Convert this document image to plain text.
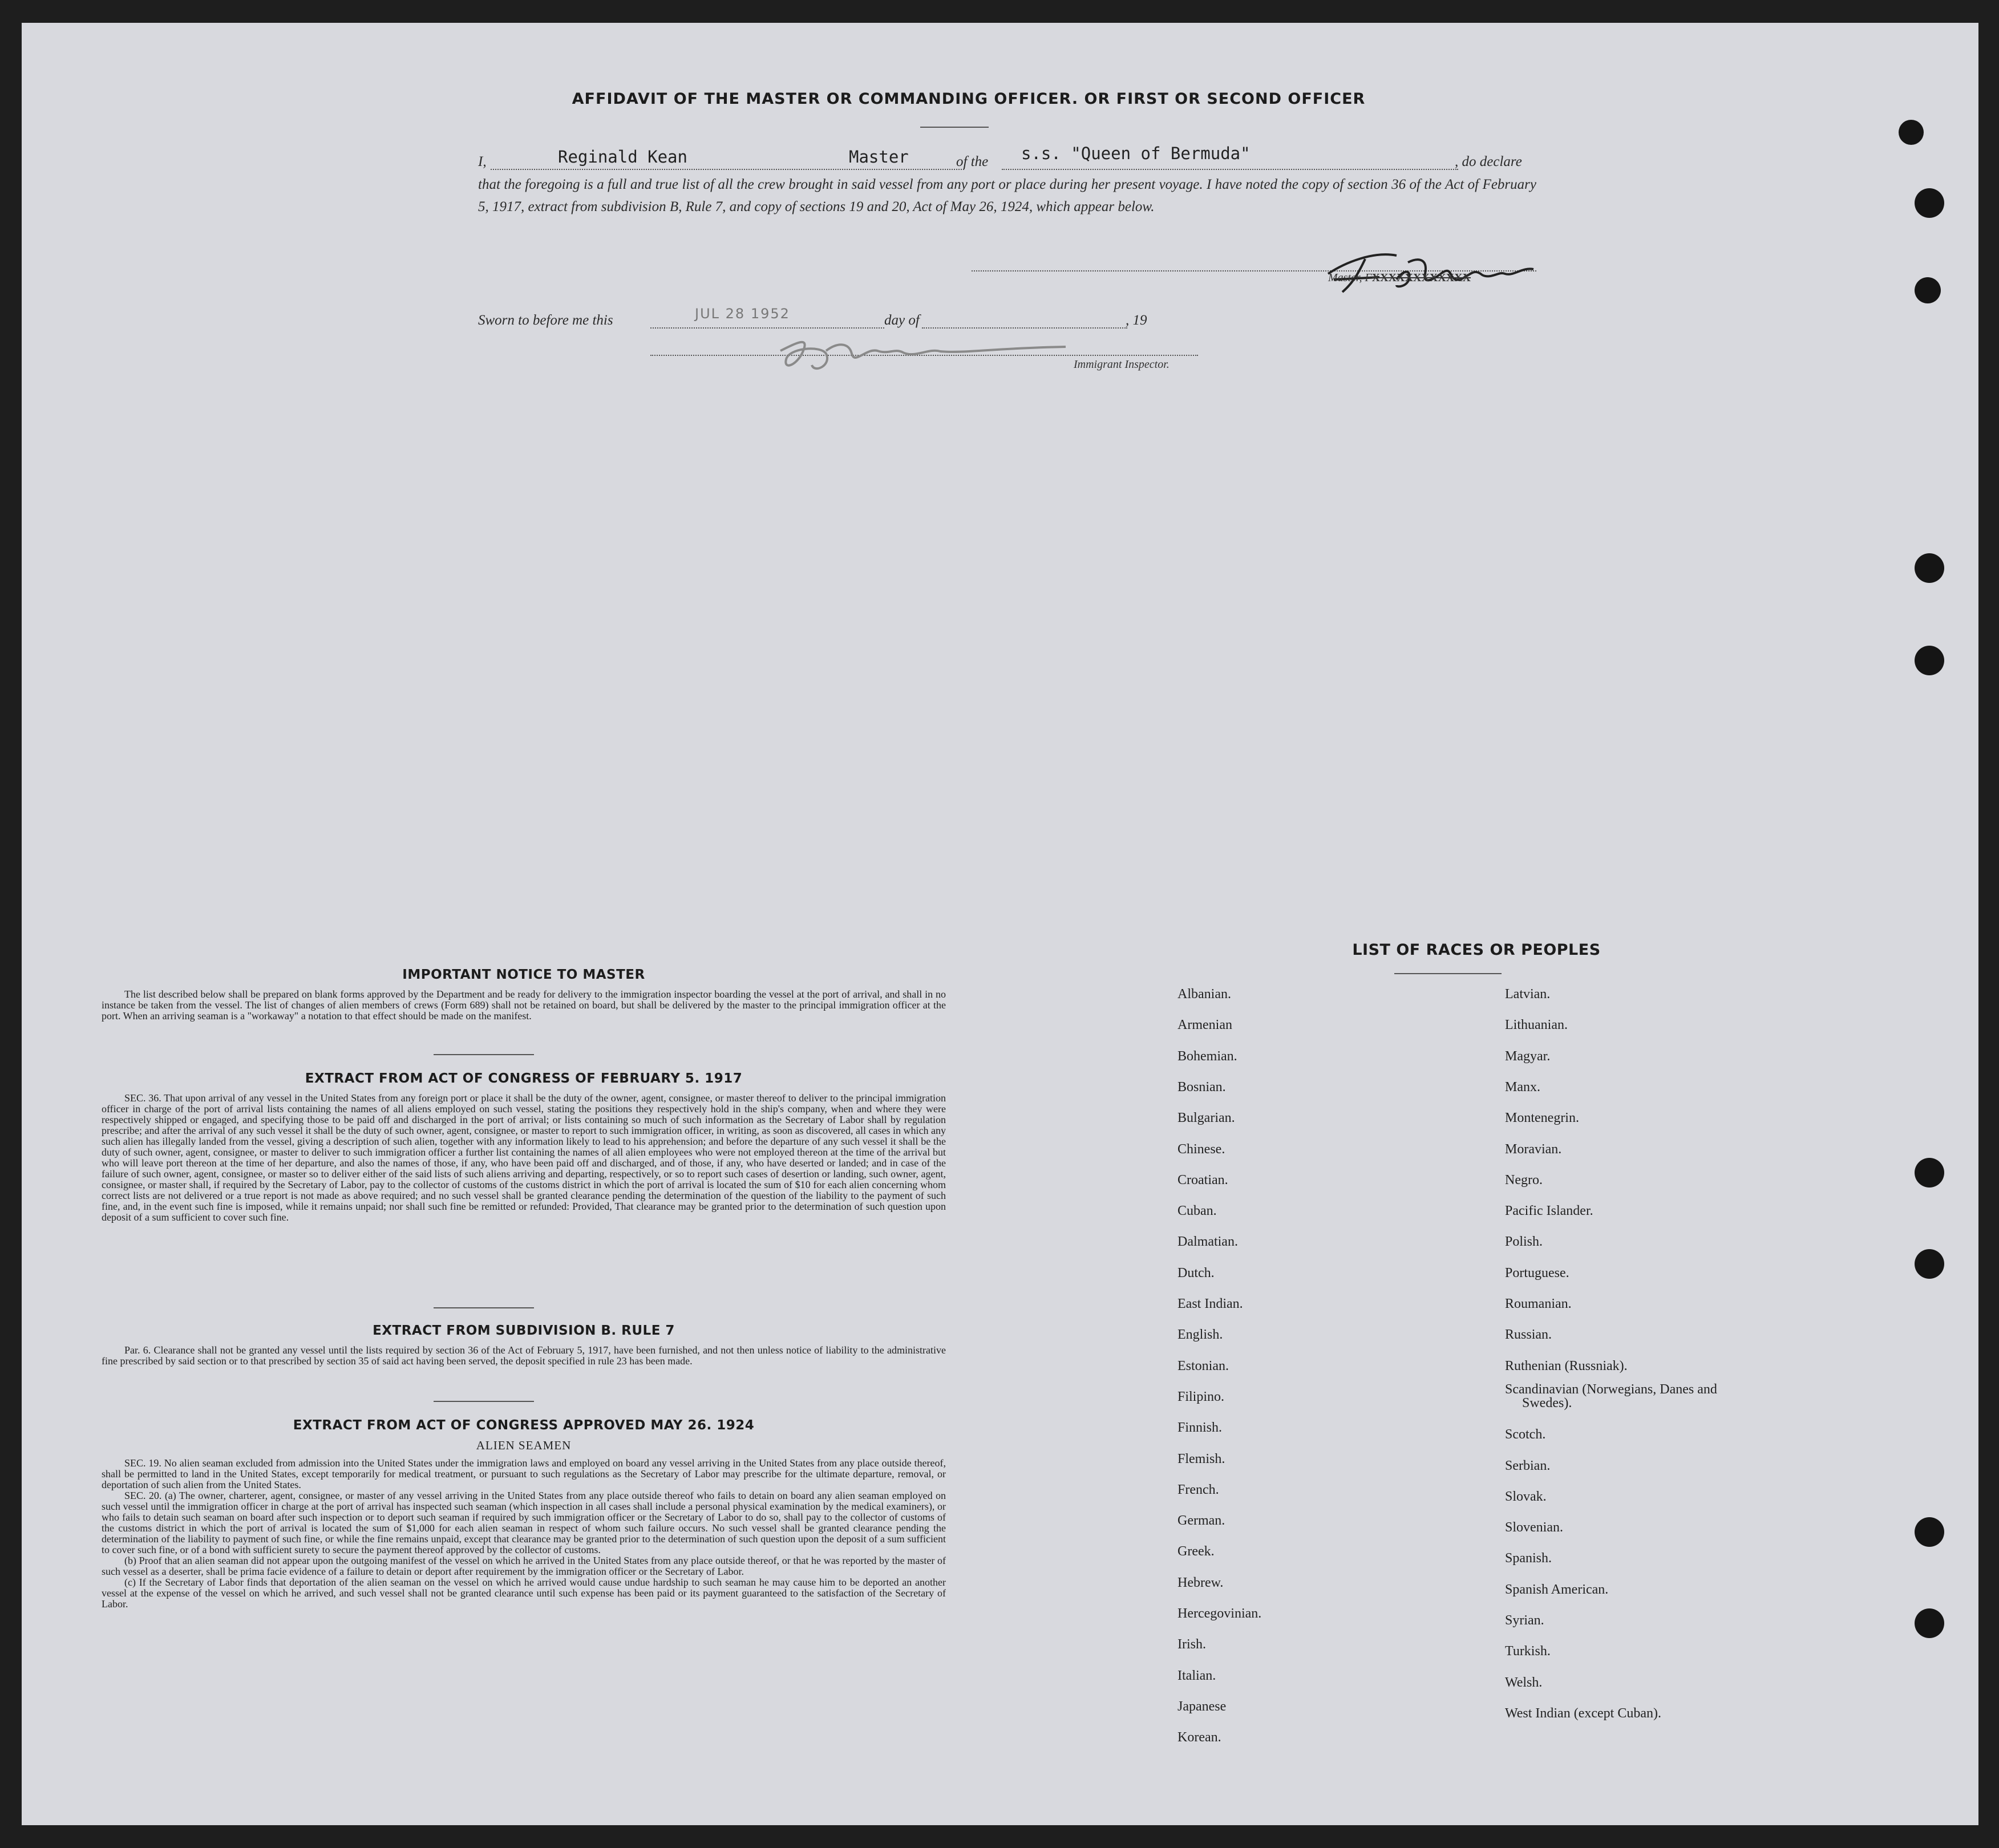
AFFIDAVIT OF THE MASTER OR COMMANDING OFFICER. OR FIRST OR SECOND OFFICER
I,	Reginald Kean	Master	of the s.s. "Queen of Bermuda"	, do declare
that the foregoing is a full and true list of all the crew brought in said vessel from any port or place during her present voyage. I have noted the copy of section 36 of the Act of February 5, 1917, extract from subdivision B, Rule 7, and copy of sections 19 and 20, Act of May 26, 1924, which appear below.
Master, FXXXXXXXXXXXX
Sworn to before me this	JUL 28 1952	day of	, 19
Immigrant Inspector.
IMPORTANT NOTICE TO MASTER
The list described below shall be prepared on blank forms approved by the Department and be ready for delivery to the immigration inspector boarding the vessel at the port of arrival, and shall in no instance be taken from the vessel. The list of changes of alien members of crews (Form 689) shall not be retained on board, but shall be delivered by the master to the principal immigration officer at the port. When an arriving seaman is a "workaway" a notation to that effect should be made on the manifest.
EXTRACT FROM ACT OF CONGRESS OF FEBRUARY 5. 1917
SEC. 36. That upon arrival of any vessel in the United States from any foreign port or place it shall be the duty of the owner, agent, consignee, or master thereof to deliver to the principal immigration officer in charge of the port of arrival lists containing the names of all aliens employed on such vessel, stating the positions they respectively hold in the ship's company, when and where they were respectively shipped or engaged, and specifying those to be paid off and discharged in the port of arrival; or lists containing so much of such information as the Secretary of Labor shall by regulation prescribe; and after the arrival of any such vessel it shall be the duty of such owner, agent, consignee, or master to report to such immigration officer, in writing, as soon as discovered, all cases in which any such alien has illegally landed from the vessel, giving a description of such alien, together with any information likely to lead to his apprehension; and before the departure of any such vessel it shall be the duty of such owner, agent, consignee, or master to deliver to such immigration officer a further list containing the names of all alien employees who were not employed thereon at the time of the arrival but who will leave port thereon at the time of her departure, and also the names of those, if any, who have been paid off and discharged, and of those, if any, who have deserted or landed; and in case of the failure of such owner, agent, consignee, or master so to deliver either of the said lists of such aliens arriving and departing, respectively, or so to report such cases of desertion or landing, such owner, agent, consignee, or master shall, if required by the Secretary of Labor, pay to the collector of customs of the customs district in which the port of arrival is located the sum of $10 for each alien concerning whom correct lists are not delivered or a true report is not made as above required; and no such vessel shall be granted clearance pending the determination of the question of the liability to the payment of such fine, and, in the event such fine is imposed, while it remains unpaid; nor shall such fine be remitted or refunded: Provided, That clearance may be granted prior to the determination of such question upon deposit of a sum sufficient to cover such fine.
EXTRACT FROM SUBDIVISION B. RULE 7
Par. 6. Clearance shall not be granted any vessel until the lists required by section 36 of the Act of February 5, 1917, have been furnished, and not then unless notice of liability to the administrative fine prescribed by said section or to that prescribed by section 35 of said act having been served, the deposit specified in rule 23 has been made.
EXTRACT FROM ACT OF CONGRESS APPROVED MAY 26. 1924
ALIEN SEAMEN
SEC. 19. No alien seaman excluded from admission into the United States under the immigration laws and employed on board any vessel arriving in the United States from any place outside thereof, shall be permitted to land in the United States, except temporarily for medical treatment, or pursuant to such regulations as the Secretary of Labor may prescribe for the ultimate departure, removal, or deportation of such alien from the United States.
SEC. 20. (a) The owner, charterer, agent, consignee, or master of any vessel arriving in the United States from any place outside thereof who fails to detain on board any alien seaman employed on such vessel until the immigration officer in charge at the port of arrival has inspected such seaman (which inspection in all cases shall include a personal physical examination by the medical examiners), or who fails to detain such seaman on board after such inspection or to deport such seaman if required by such immigration officer or the Secretary of Labor to do so, shall pay to the collector of customs of the customs district in which the port of arrival is located the sum of $1,000 for each alien seaman in respect of whom such failure occurs. No such vessel shall be granted clearance pending the determination of the liability to payment of such fine, or while the fine remains unpaid, except that clearance may be granted prior to the determination of such question upon the deposit of a sum sufficient to cover such fine, or of a bond with sufficient surety to secure the payment thereof approved by the collector of customs.
(b) Proof that an alien seaman did not appear upon the outgoing manifest of the vessel on which he arrived in the United States from any place outside thereof, or that he was reported by the master of such vessel as a deserter, shall be prima facie evidence of a failure to detain or deport after requirement by the immigration officer or the Secretary of Labor.
(c) If the Secretary of Labor finds that deportation of the alien seaman on the vessel on which he arrived would cause undue hardship to such seaman he may cause him to be deported an another vessel at the expense of the vessel on which he arrived, and such vessel shall not be granted clearance until such expense has been paid or its payment guaranteed to the satisfaction of the Secretary of Labor.
LIST OF RACES OR PEOPLES
Albanian.
Armenian
Bohemian.
Bosnian.
Bulgarian.
Chinese.
Croatian.
Cuban.
Dalmatian.
Dutch.
East Indian.
English.
Estonian.
Filipino.
Finnish.
Flemish.
French.
German.
Greek.
Hebrew.
Hercegovinian.
Irish.
Italian.
Japanese
Korean.
Latvian.
Lithuanian.
Magyar.
Manx.
Montenegrin.
Moravian.
Negro.
Pacific Islander.
Polish.
Portuguese.
Roumanian.
Russian.
Ruthenian (Russniak).
Scandinavian (Norwegians, Danes and Swedes).
Scotch.
Serbian.
Slovak.
Slovenian.
Spanish.
Spanish American.
Syrian.
Turkish.
Welsh.
West Indian (except Cuban).
